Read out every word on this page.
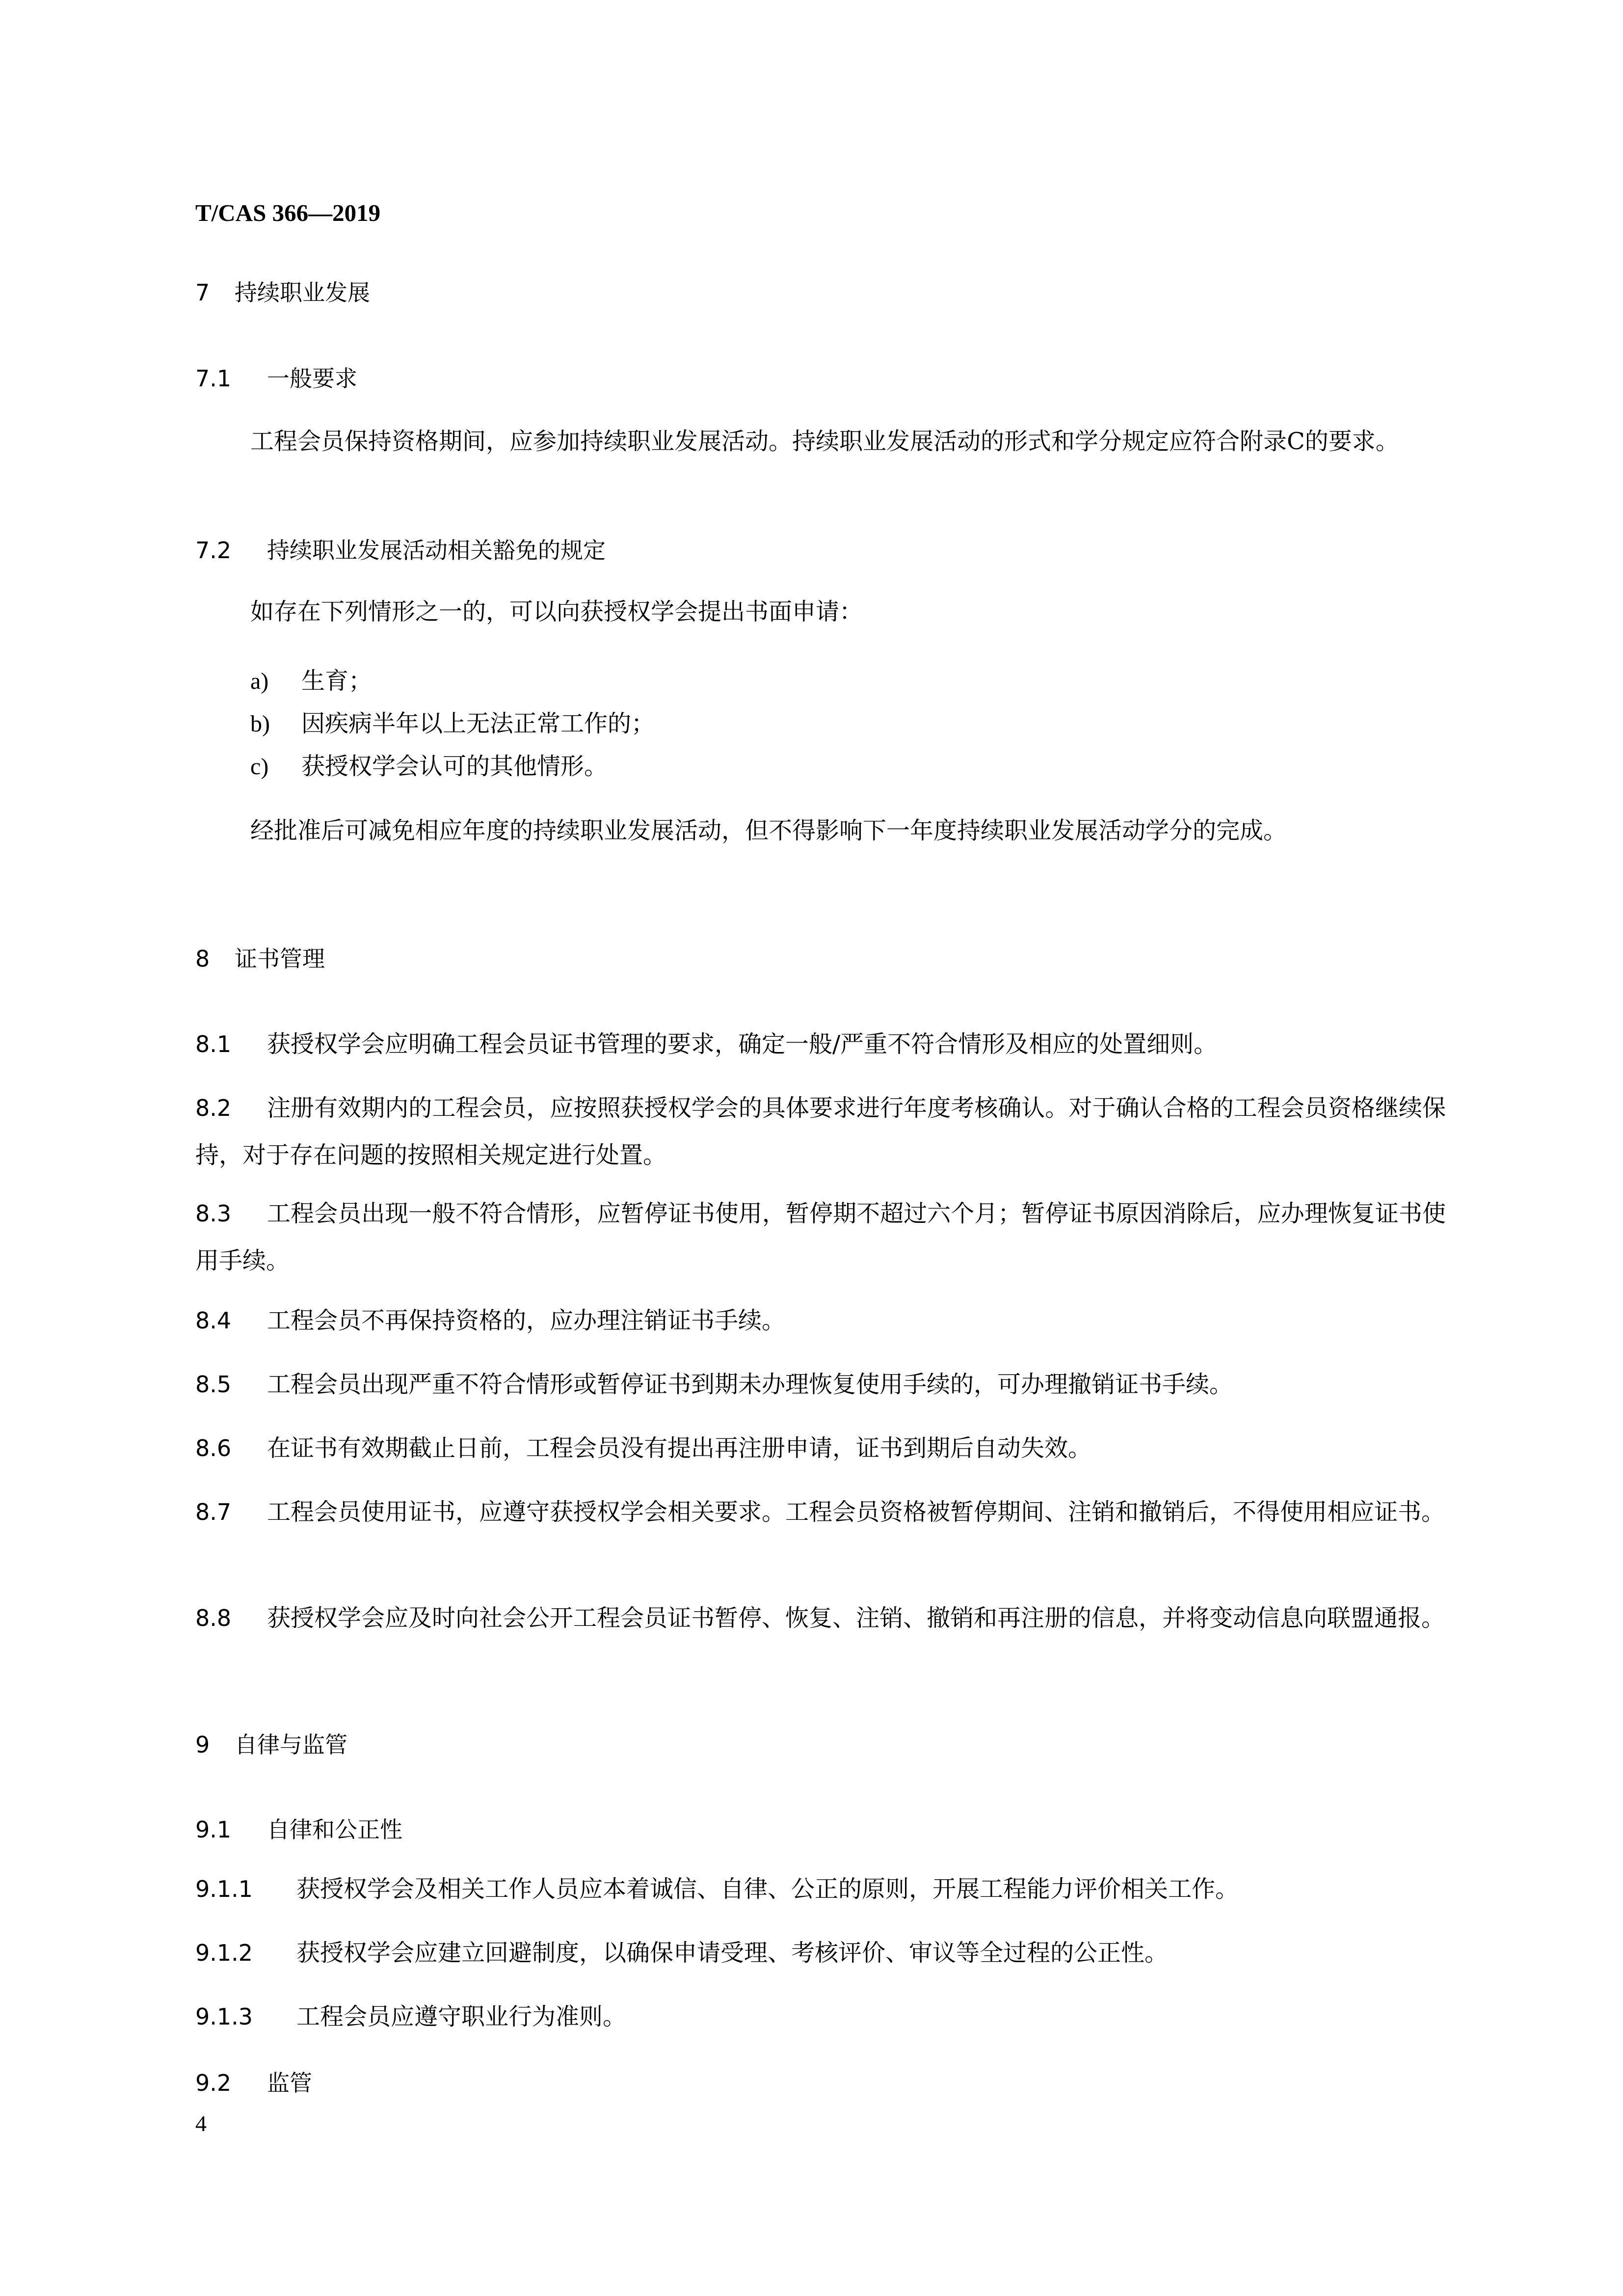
T/CAS 366—2019
7 持续职业发展
7.1 一般要求
工程会员保持资格期间，应参加持续职业发展活动。持续职业发展活动的形式和学分规定应符合附录C的要求。
7.2 持续职业发展活动相关豁免的规定
如存在下列情形之一的，可以向获授权学会提出书面申请：
a) 生育；
b) 因疾病半年以上无法正常工作的；
c) 获授权学会认可的其他情形。
经批准后可减免相应年度的持续职业发展活动，但不得影响下一年度持续职业发展活动学分的完成。
8 证书管理
8.1 获授权学会应明确工程会员证书管理的要求，确定一般/严重不符合情形及相应的处置细则。
8.2 注册有效期内的工程会员，应按照获授权学会的具体要求进行年度考核确认。对于确认合格的工程会员资格继续保持，对于存在问题的按照相关规定进行处置。
8.3 工程会员出现一般不符合情形，应暂停证书使用，暂停期不超过六个月；暂停证书原因消除后，应办理恢复证书使用手续。
8.4 工程会员不再保持资格的，应办理注销证书手续。
8.5 工程会员出现严重不符合情形或暂停证书到期未办理恢复使用手续的，可办理撤销证书手续。
8.6 在证书有效期截止日前，工程会员没有提出再注册申请，证书到期后自动失效。
8.7 工程会员使用证书，应遵守获授权学会相关要求。工程会员资格被暂停期间、注销和撤销后，不得使用相应证书。
8.8 获授权学会应及时向社会公开工程会员证书暂停、恢复、注销、撤销和再注册的信息，并将变动信息向联盟通报。
9 自律与监管
9.1 自律和公正性
9.1.1 获授权学会及相关工作人员应本着诚信、自律、公正的原则，开展工程能力评价相关工作。
9.1.2 获授权学会应建立回避制度，以确保申请受理、考核评价、审议等全过程的公正性。
9.1.3 工程会员应遵守职业行为准则。
9.2 监管
4
